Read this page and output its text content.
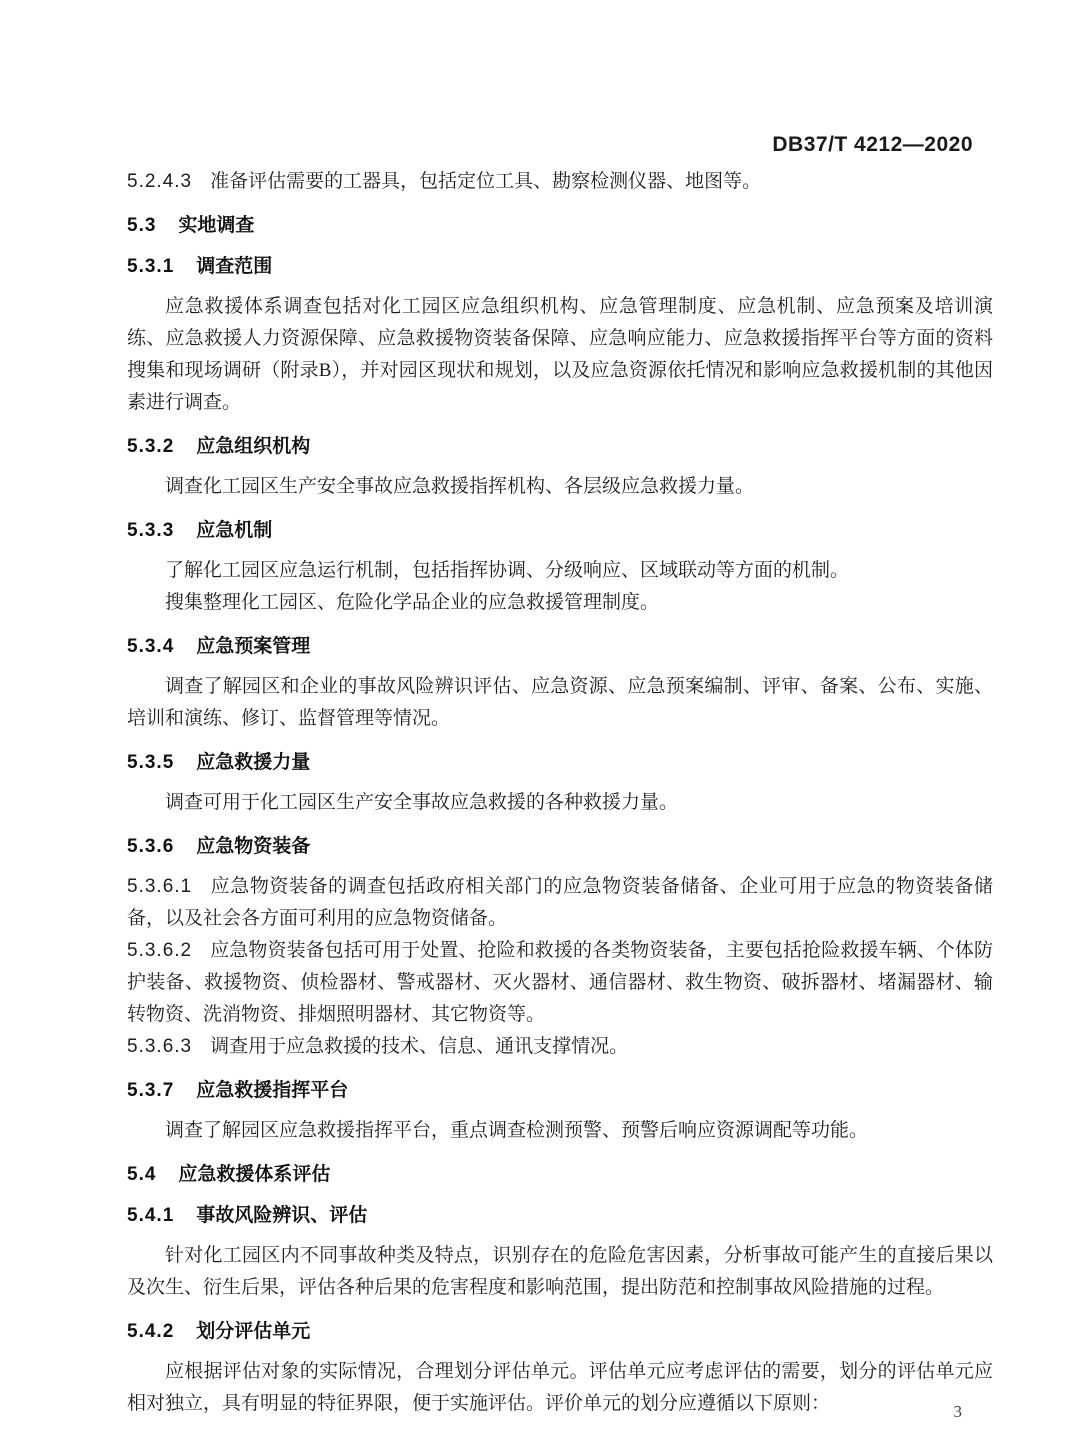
DB37/T 4212—2020

5.2.4.3 准备评估需要的工器具，包括定位工具、勘察检测仪器、地图等。

5.3 实地调查
5.3.1 调查范围

应急救援体系调查包括对化工园区应急组织机构、应急管理制度、应急机制、应急预案及培训演练、应急救援人力资源保障、应急救援物资装备保障、应急响应能力、应急救援指挥平台等方面的资料搜集和现场调研（附录B），并对园区现状和规划，以及应急资源依托情况和影响应急救援机制的其他因素进行调查。

5.3.2 应急组织机构

调查化工园区生产安全事故应急救援指挥机构、各层级应急救援力量。

5.3.3 应急机制

了解化工园区应急运行机制，包括指挥协调、分级响应、区域联动等方面的机制。

搜集整理化工园区、危险化学品企业的应急救援管理制度。

5.3.4 应急预案管理

调查了解园区和企业的事故风险辨识评估、应急资源、应急预案编制、评审、备案、公布、实施、培训和演练、修订、监督管理等情况。

5.3.5 应急救援力量

调查可用于化工园区生产安全事故应急救援的各种救援力量。

5.3.6 应急物资装备

5.3.6.1 应急物资装备的调查包括政府相关部门的应急物资装备储备、企业可用于应急的物资装备储备，以及社会各方面可利用的应急物资储备。

5.3.6.2 应急物资装备包括可用于处置、抢险和救援的各类物资装备，主要包括抢险救援车辆、个体防护装备、救援物资、侦检器材、警戒器材、灭火器材、通信器材、救生物资、破拆器材、堵漏器材、输转物资、洗消物资、排烟照明器材、其它物资等。

5.3.6.3 调查用于应急救援的技术、信息、通讯支撑情况。

5.3.7 应急救援指挥平台

调查了解园区应急救援指挥平台，重点调查检测预警、预警后响应资源调配等功能。

5.4 应急救援体系评估
5.4.1 事故风险辨识、评估

针对化工园区内不同事故种类及特点，识别存在的危险危害因素，分析事故可能产生的直接后果以及次生、衍生后果，评估各种后果的危害程度和影响范围，提出防范和控制事故风险措施的过程。

5.4.2 划分评估单元

应根据评估对象的实际情况，合理划分评估单元。评估单元应考虑评估的需要，划分的评估单元应相对独立，具有明显的特征界限，便于实施评估。评价单元的划分应遵循以下原则：	3
